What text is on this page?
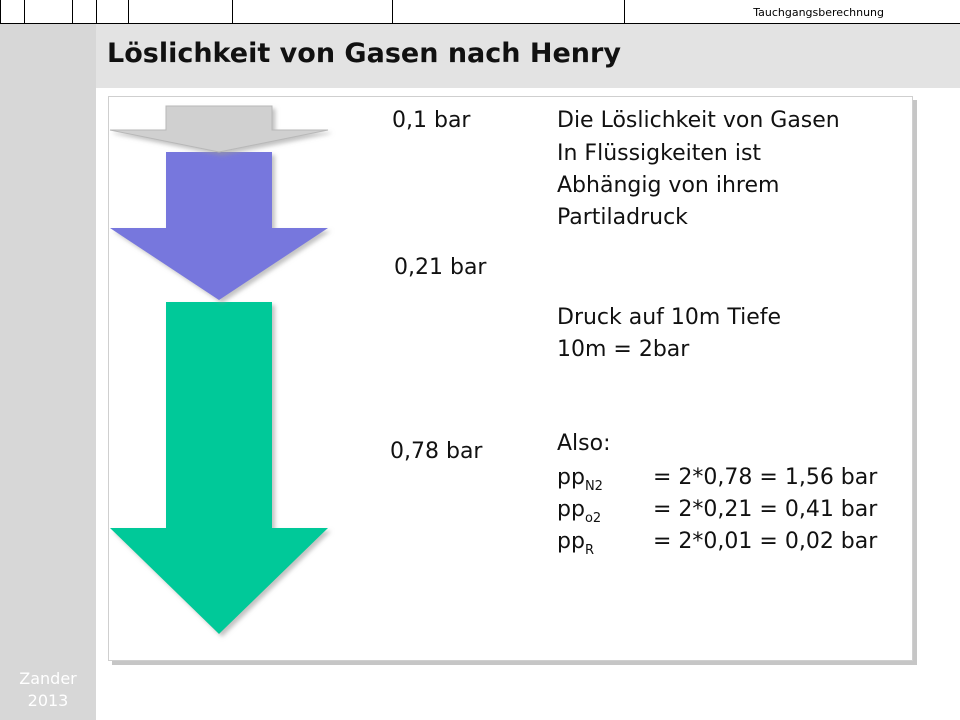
Tauchgangsberechnung
Löslichkeit von Gasen nach Henry
Zander
2013
0,1 bar
0,21 bar
0,78 bar
Die Löslichkeit von Gasen
In Flüssigkeiten ist
Abhängig von ihrem
Partiladruck
Druck auf 10m Tiefe
10m = 2bar
Also:
$pp_{N2} = 2*0,78 = 1,56$ bar
$pp_{o2} = 2*0,21 = 0,41$ bar
$pp_R$	= 2*0,01 = 0,02 bar
